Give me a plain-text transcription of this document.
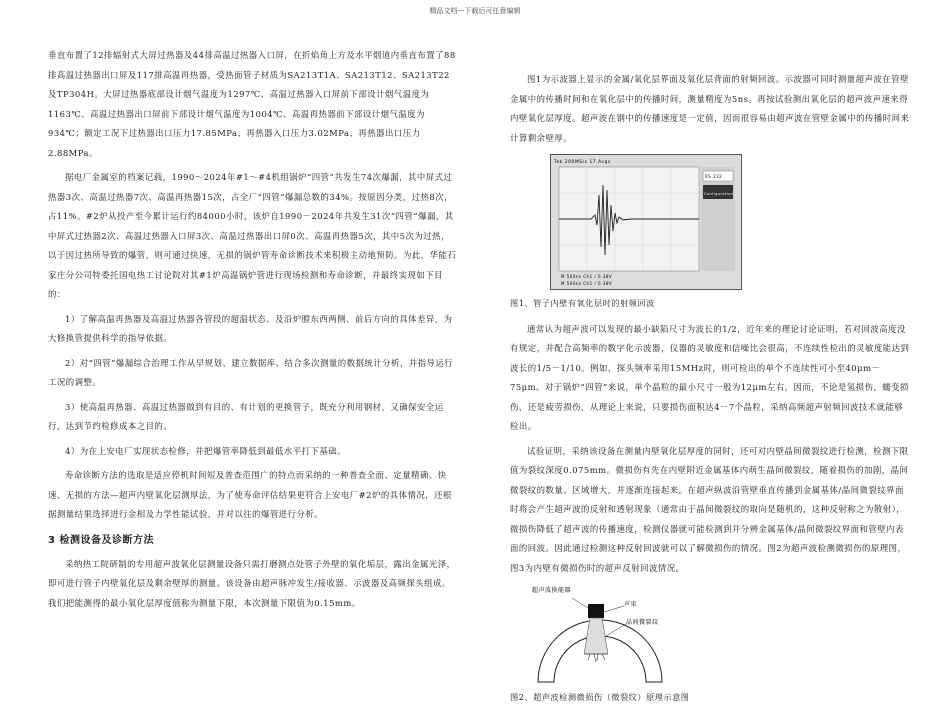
精品文档---下载后可任意编辑

垂直布置了12排辐射式大屏过热器及44排高温过热器入口屏，在折焰角上方及水平烟道内垂直布置了88排高温过热器出口屏及117排高温再热器，受热面管子材质为SA213T1A、SA213T12、SA213T22及TP304H。大屏过热器底部设计烟气温度为1297℃、高温过热器入口屏前下部设计烟气温度为1163℃、高温过热器出口屏前下部设计烟气温度为1004℃、高温再热器前下部设计烟气温度为934℃；额定工况下过热器出口压力17.85MPa、再热器入口压力3.02MPa、再热器出口压力2.88MPa。

据电厂金属室的档案记载，1990～2024年#1～#4机组锅炉“四管”共发生74次爆漏，其中屏式过热器3次、高温过热器7次、高温再热器15次，占全厂“四管”爆漏总数的34%。按原因分类，过热8次，占11%。#2炉从投产至今累计运行约84000小时，该炉自1990－2024年共发生31次“四管”爆漏，其中屏式过热器2次、高温过热器入口屏3次、高温过热器出口屏0次、高温再热器5次，其中5次为过热，以于因过热所导致的爆管，则可通过快速，无损的锅炉管寿命诊断技术来积极主动地预防。为此，华能石家庄分公司特委托国电热工讨论院对其#1炉高温锅炉管进行现场检测和寿命诊断，并最终实现如下目的：

1）了解高温再热器及高温过热器各管段的超温状态、及沿炉膛东西两侧、前后方向的具体差异，为大修换管提供科学的指导依据。

2）对“四管”爆漏综合治理工作从早规划、建立数据库、结合多次测量的数据统计分析，并指导运行工况的调整。

3）使高温再热器、高温过热器做到有目的、有计划的更换管子，既充分利用钢材，又确保安全运行，达到节约检修成本之目的。

4）为在上安电厂实现状态检修，并把爆管率降低到最低水平打下基础。

寿命诊断方法的选取是适应停机时间短及普查范围广的特点而采纳的一种普查全面、定量精确、快速、无损的方法—超声内壁氧化层测厚法，为了使寿命评估结果更符合上安电厂#2炉的具体情况，还根据测量结果选择进行金相及力学性能试验，并对以往的爆管进行分析。

3 检测设备及诊断方法

采纳热工院研制的专用超声波氧化层测量设备只需打磨测点处管子外壁的氧化垢层，露出金属光泽，即可进行管子内壁氧化层及剩余壁厚的测量。该设备由超声脉冲发生/接收器、示波器及高频探头组成。我们把能测得的最小氧化层厚度值称为测量下限，本次测量下限值为0.15mm。

图1为示波器上显示的金属/氧化层界面及氧化层背面的射频回波。示波器可同时测量超声波在管壁金属中的传播时间和在氧化层中的传播时间，测量精度为5ns。再按试验测出氧化层的超声波声速来得内壁氧化层厚度。超声波在钢中的传播速度是一定值，因而很容易由超声波在管壁金属中的传播时间来计算剩余壁厚。

Tek 200MS/s 17 Acqs
RS 232
Configuration
M 500ns Ch1 / 0.38V
M 500ns Ch1 / 0.38V
图1、管子内壁有氧化层时的射频回波

通常认为超声波可以发现的最小缺陷尺寸为波长的1/2，近年来的理论讨论证明，若对回波高度没有规定，并配合高频率的数字化示波器，仪器的灵敏度和信噪比会很高，不连续性检出的灵敏度能达到波长的1/5－1/10。例如，探头频率采用15MHz时，则可检出的单个不连续性可小至40μm－75μm。对于锅炉“四管”来说，单个晶粒的最小尺寸一般为12μm左右，因而，不论是氢损伤，蠕变损伤，还是疲劳损伤，从理论上来说，只要损伤面积达4－7个晶粒，采纳高频超声射频回波技术就能够检出。

试验证明，采纳该设备在测量内壁氧化层厚度的同时，还可对内壁晶间微裂纹进行检测，检测下限值为裂纹深度0.075mm。微损伤有先在内壁附近金属基体内萌生晶间微裂纹，随着损伤的加剧，晶间微裂纹的数量、区域增大，并逐渐连接起来。在超声纵波沿管壁垂直传播到金属基体/晶间微裂纹界面时将会产生超声波的反射和透射现象（通常由于晶间微裂纹的取向是随机的，这种反射称之为散射），微损伤降低了超声波的传播速度，检测仪器就可能检测到并分辨金属基体/晶间微裂纹界面和管壁内表面的回波。因此通过检测这种反射回波就可以了解微损伤的情况。图2为超声波检测微损伤的原理图，图3为内壁有微损伤时的超声反射回波情况。

超声波换能器
声束
晶间微裂纹
图2、超声波检测微损伤（微裂纹）原理示意图
